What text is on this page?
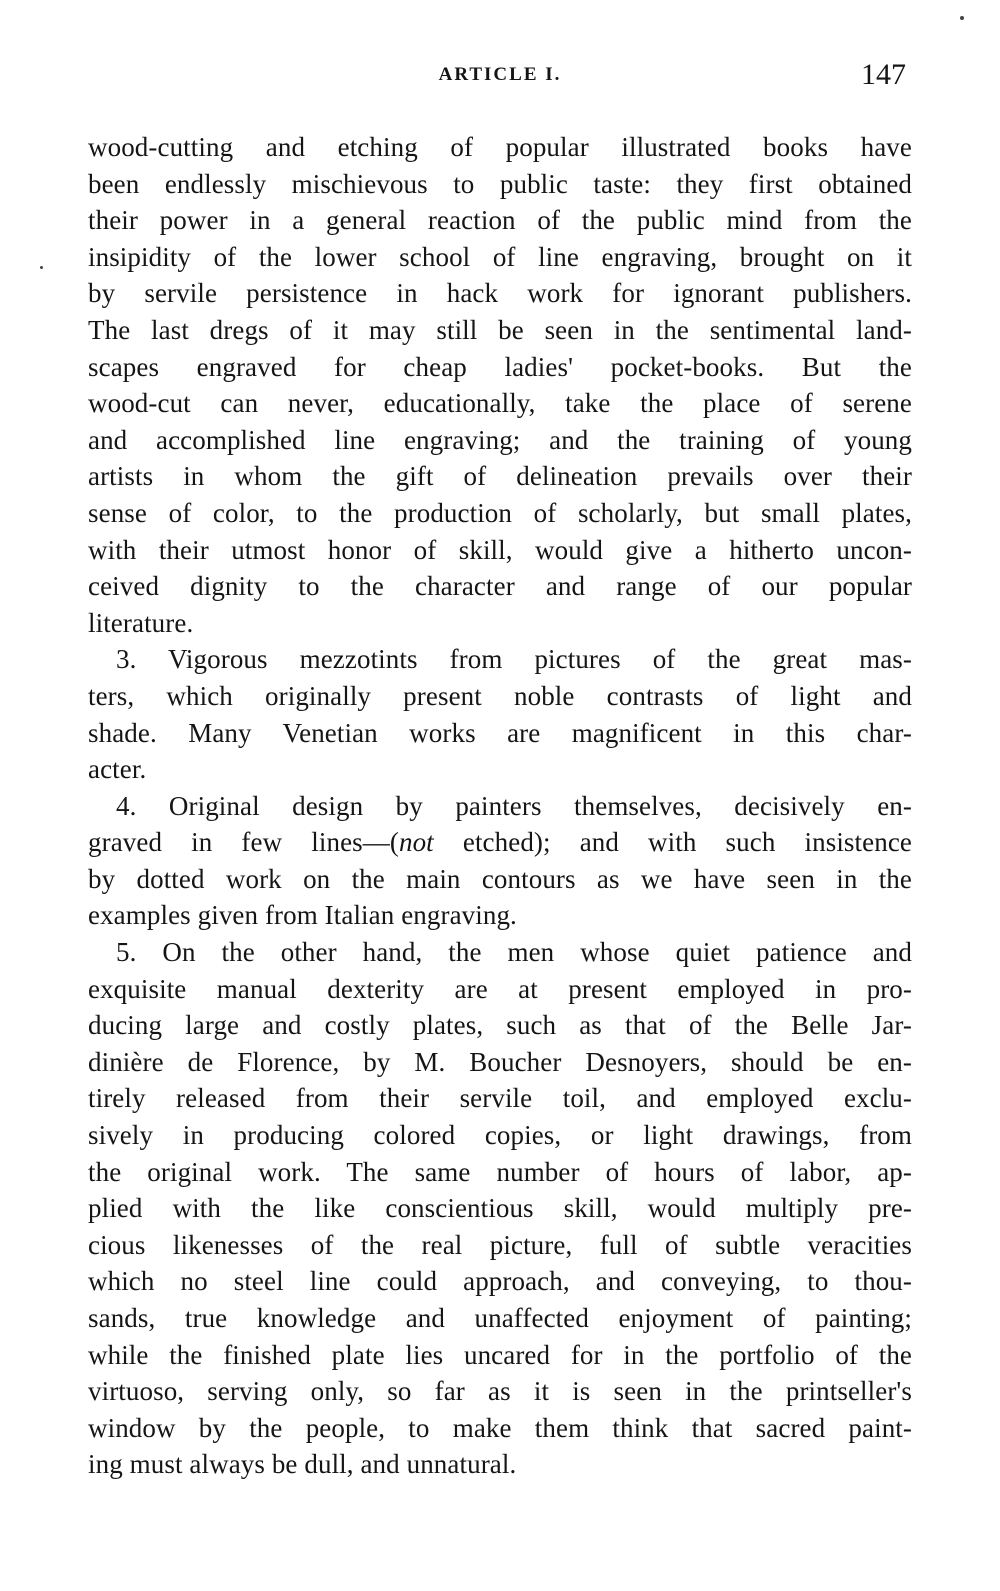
ARTICLE I.	147
wood-cutting and etching of popular illustrated books have
been endlessly mischievous to public taste: they first obtained
their power in a general reaction of the public mind from the
insipidity of the lower school of line engraving, brought on it
by servile persistence in hack work for ignorant publishers.
The last dregs of it may still be seen in the sentimental land-
scapes engraved for cheap ladies' pocket-books. But the
wood-cut can never, educationally, take the place of serene
and accomplished line engraving; and the training of young
artists in whom the gift of delineation prevails over their
sense of color, to the production of scholarly, but small plates,
with their utmost honor of skill, would give a hitherto uncon-
ceived dignity to the character and range of our popular
literature.
3. Vigorous mezzotints from pictures of the great mas-
ters, which originally present noble contrasts of light and
shade. Many Venetian works are magnificent in this char-
acter.
4. Original design by painters themselves, decisively en-
graved in few lines—(not etched); and with such insistence
by dotted work on the main contours as we have seen in the
examples given from Italian engraving.
5. On the other hand, the men whose quiet patience and
exquisite manual dexterity are at present employed in pro-
ducing large and costly plates, such as that of the Belle Jar-
dinière de Florence, by M. Boucher Desnoyers, should be en-
tirely released from their servile toil, and employed exclu-
sively in producing colored copies, or light drawings, from
the original work. The same number of hours of labor, ap-
plied with the like conscientious skill, would multiply pre-
cious likenesses of the real picture, full of subtle veracities
which no steel line could approach, and conveying, to thou-
sands, true knowledge and unaffected enjoyment of painting;
while the finished plate lies uncared for in the portfolio of the
virtuoso, serving only, so far as it is seen in the printseller's
window by the people, to make them think that sacred paint-
ing must always be dull, and unnatural.
